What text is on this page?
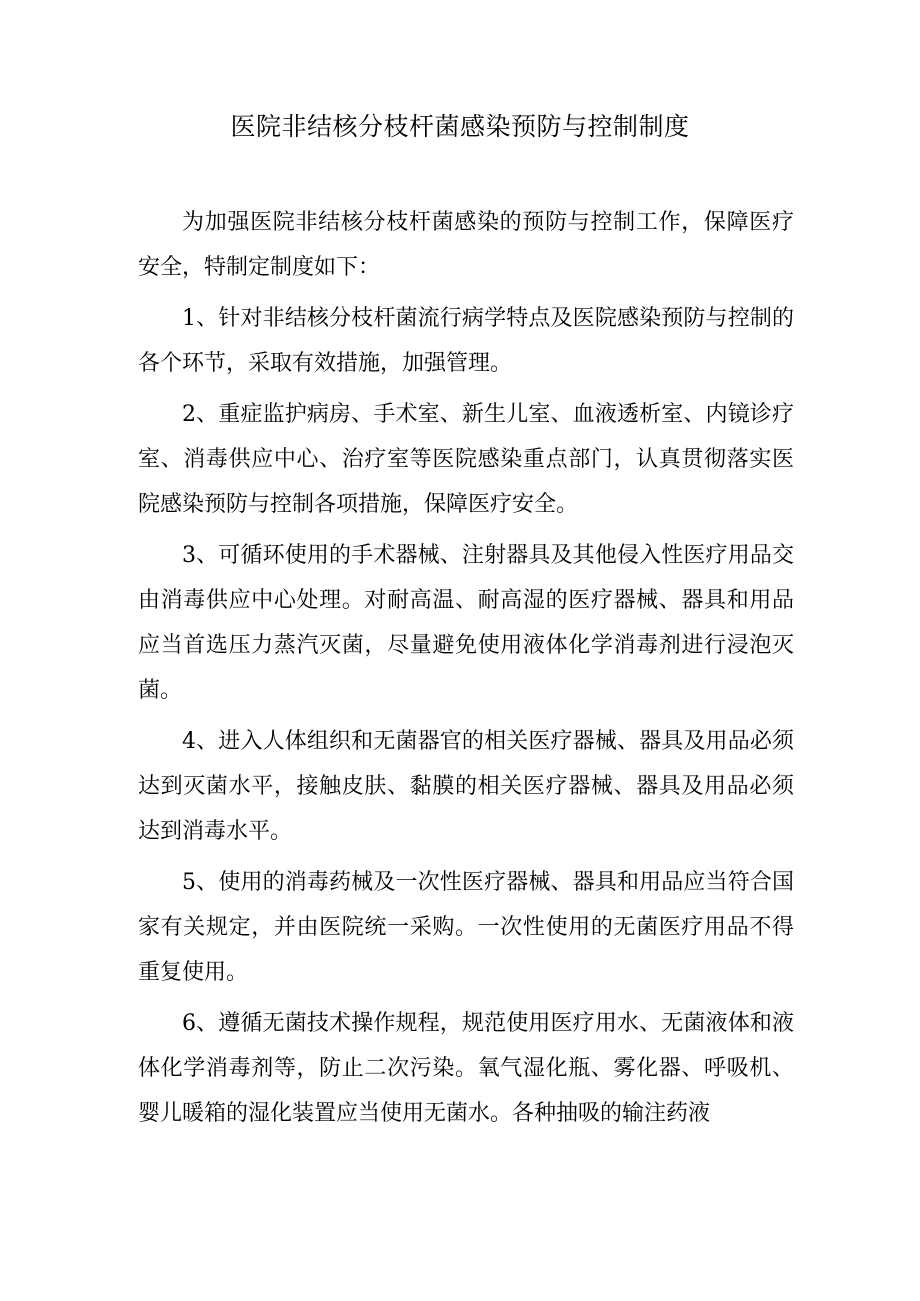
医院非结核分枝杆菌感染预防与控制制度

为加强医院非结核分枝杆菌感染的预防与控制工作，保障医疗安全，特制定制度如下：

1、针对非结核分枝杆菌流行病学特点及医院感染预防与控制的各个环节，采取有效措施，加强管理。

2、重症监护病房、手术室、新生儿室、血液透析室、内镜诊疗室、消毒供应中心、治疗室等医院感染重点部门，认真贯彻落实医院感染预防与控制各项措施，保障医疗安全。

3、可循环使用的手术器械、注射器具及其他侵入性医疗用品交由消毒供应中心处理。对耐高温、耐高湿的医疗器械、器具和用品应当首选压力蒸汽灭菌，尽量避免使用液体化学消毒剂进行浸泡灭菌。

4、进入人体组织和无菌器官的相关医疗器械、器具及用品必须达到灭菌水平，接触皮肤、黏膜的相关医疗器械、器具及用品必须达到消毒水平。

5、使用的消毒药械及一次性医疗器械、器具和用品应当符合国家有关规定，并由医院统一采购。一次性使用的无菌医疗用品不得重复使用。

6、遵循无菌技术操作规程，规范使用医疗用水、无菌液体和液体化学消毒剂等，防止二次污染。氧气湿化瓶、雾化器、呼吸机、婴儿暖箱的湿化装置应当使用无菌水。各种抽吸的输注药液
